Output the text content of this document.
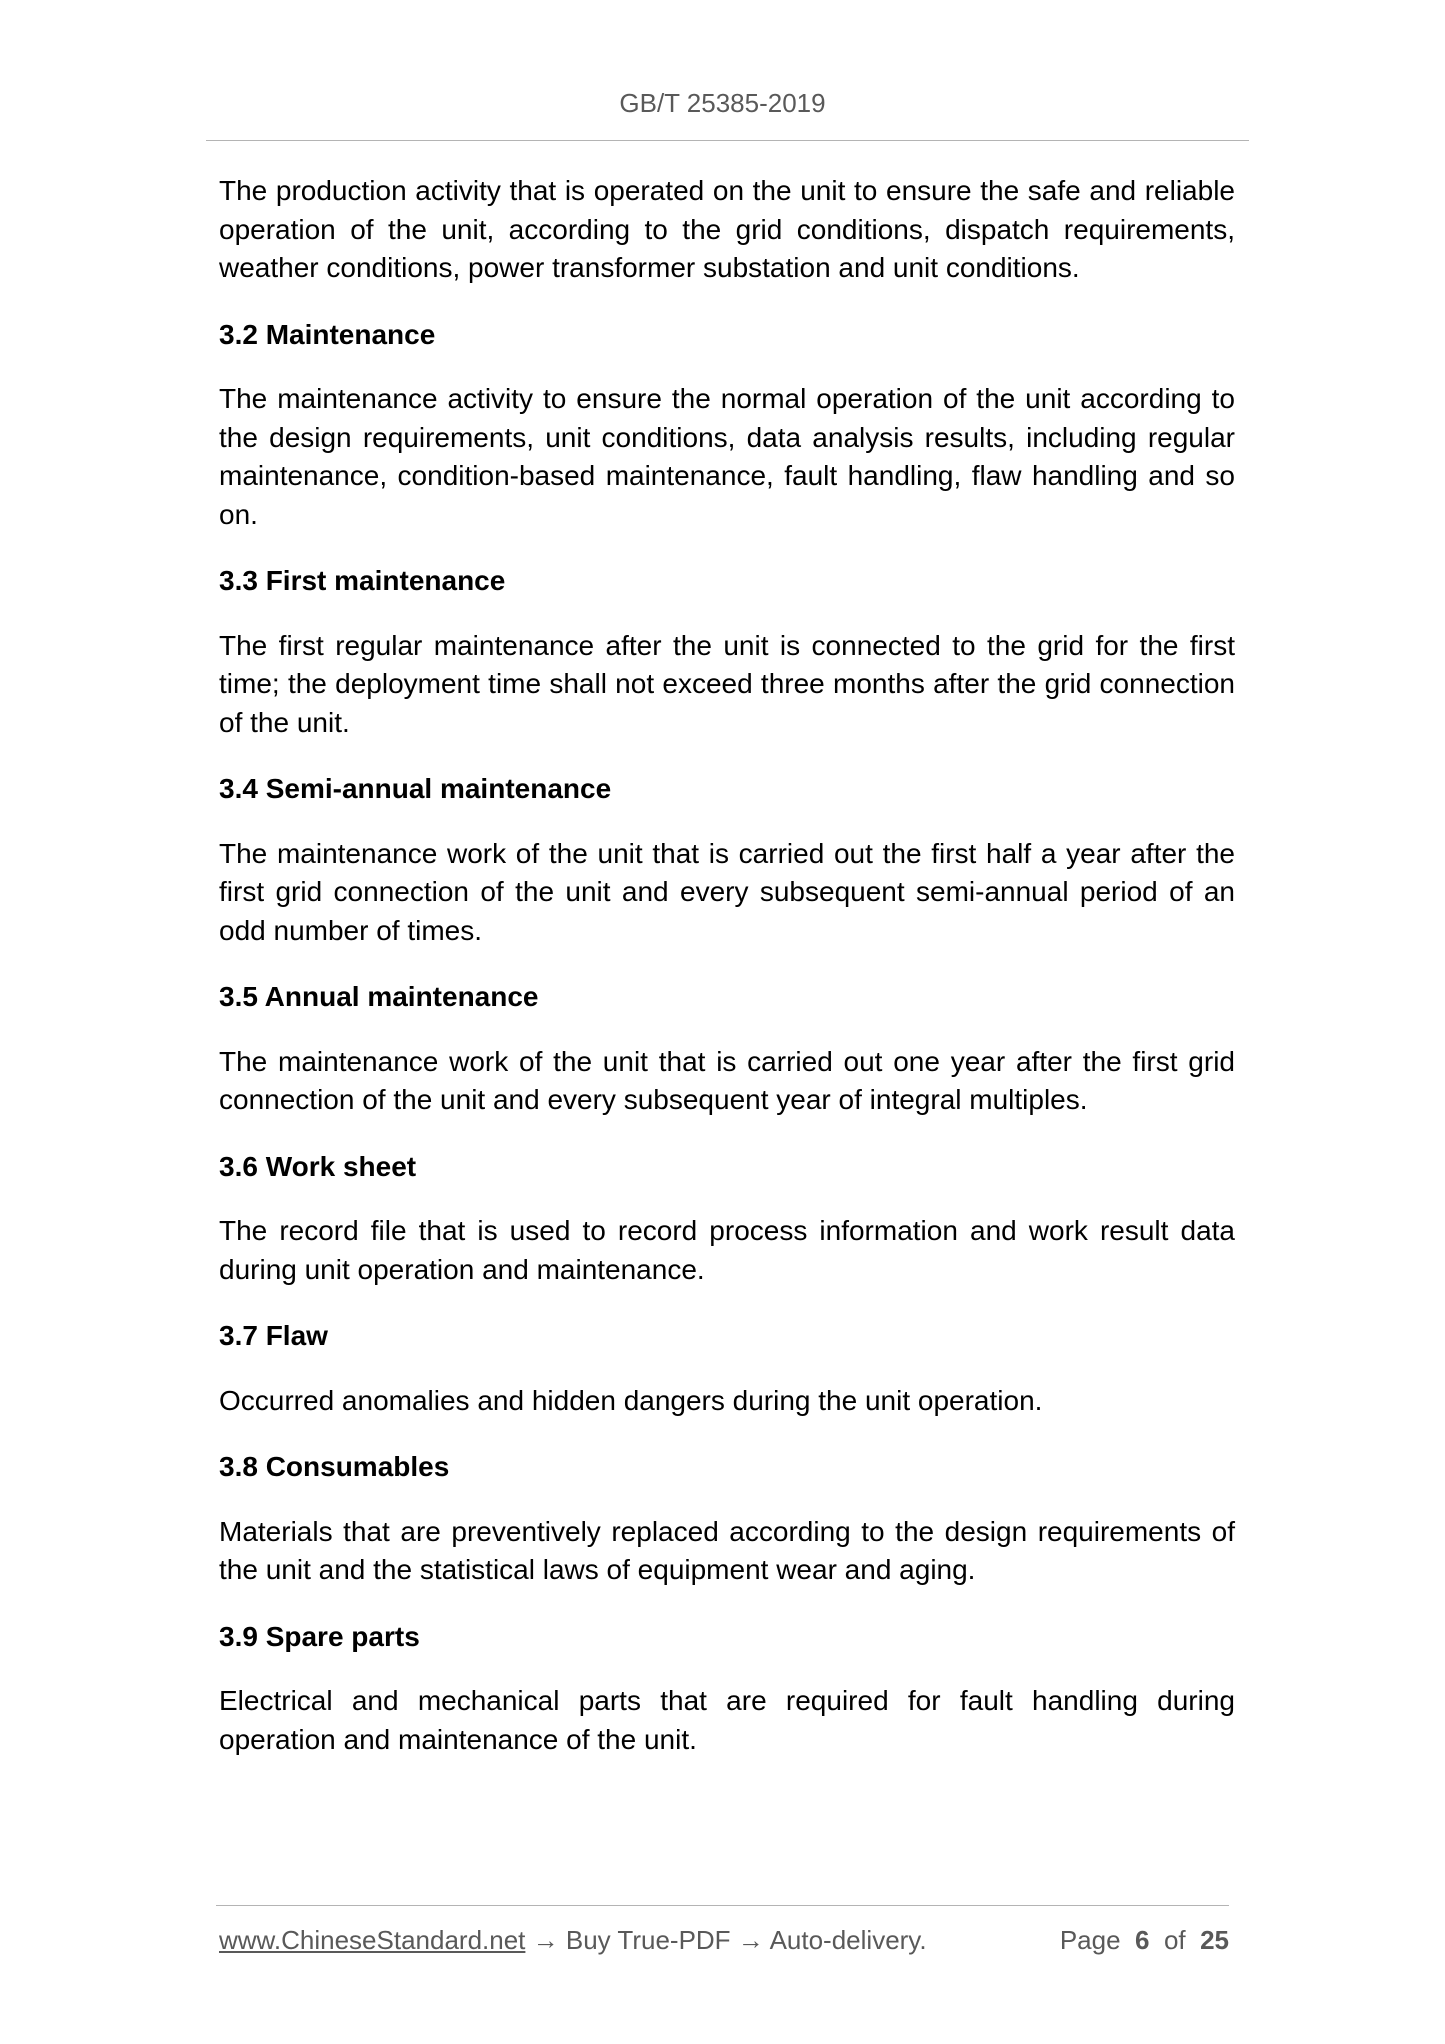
GB/T 25385-2019

The production activity that is operated on the unit to ensure the safe and reliable operation of the unit, according to the grid conditions, dispatch requirements, weather conditions, power transformer substation and unit conditions.

3.2 Maintenance

The maintenance activity to ensure the normal operation of the unit according to the design requirements, unit conditions, data analysis results, including regular maintenance, condition-based maintenance, fault handling, flaw handling and so on.

3.3 First maintenance

The first regular maintenance after the unit is connected to the grid for the first time; the deployment time shall not exceed three months after the grid connection of the unit.

3.4 Semi-annual maintenance

The maintenance work of the unit that is carried out the first half a year after the first grid connection of the unit and every subsequent semi-annual period of an odd number of times.

3.5 Annual maintenance

The maintenance work of the unit that is carried out one year after the first grid connection of the unit and every subsequent year of integral multiples.

3.6 Work sheet

The record file that is used to record process information and work result data during unit operation and maintenance.

3.7 Flaw

Occurred anomalies and hidden dangers during the unit operation.

3.8 Consumables

Materials that are preventively replaced according to the design requirements of the unit and the statistical laws of equipment wear and aging.

3.9 Spare parts

Electrical and mechanical parts that are required for fault handling during operation and maintenance of the unit.

www.ChineseStandard.net → Buy True-PDF → Auto-delivery.	Page 6 of 25
